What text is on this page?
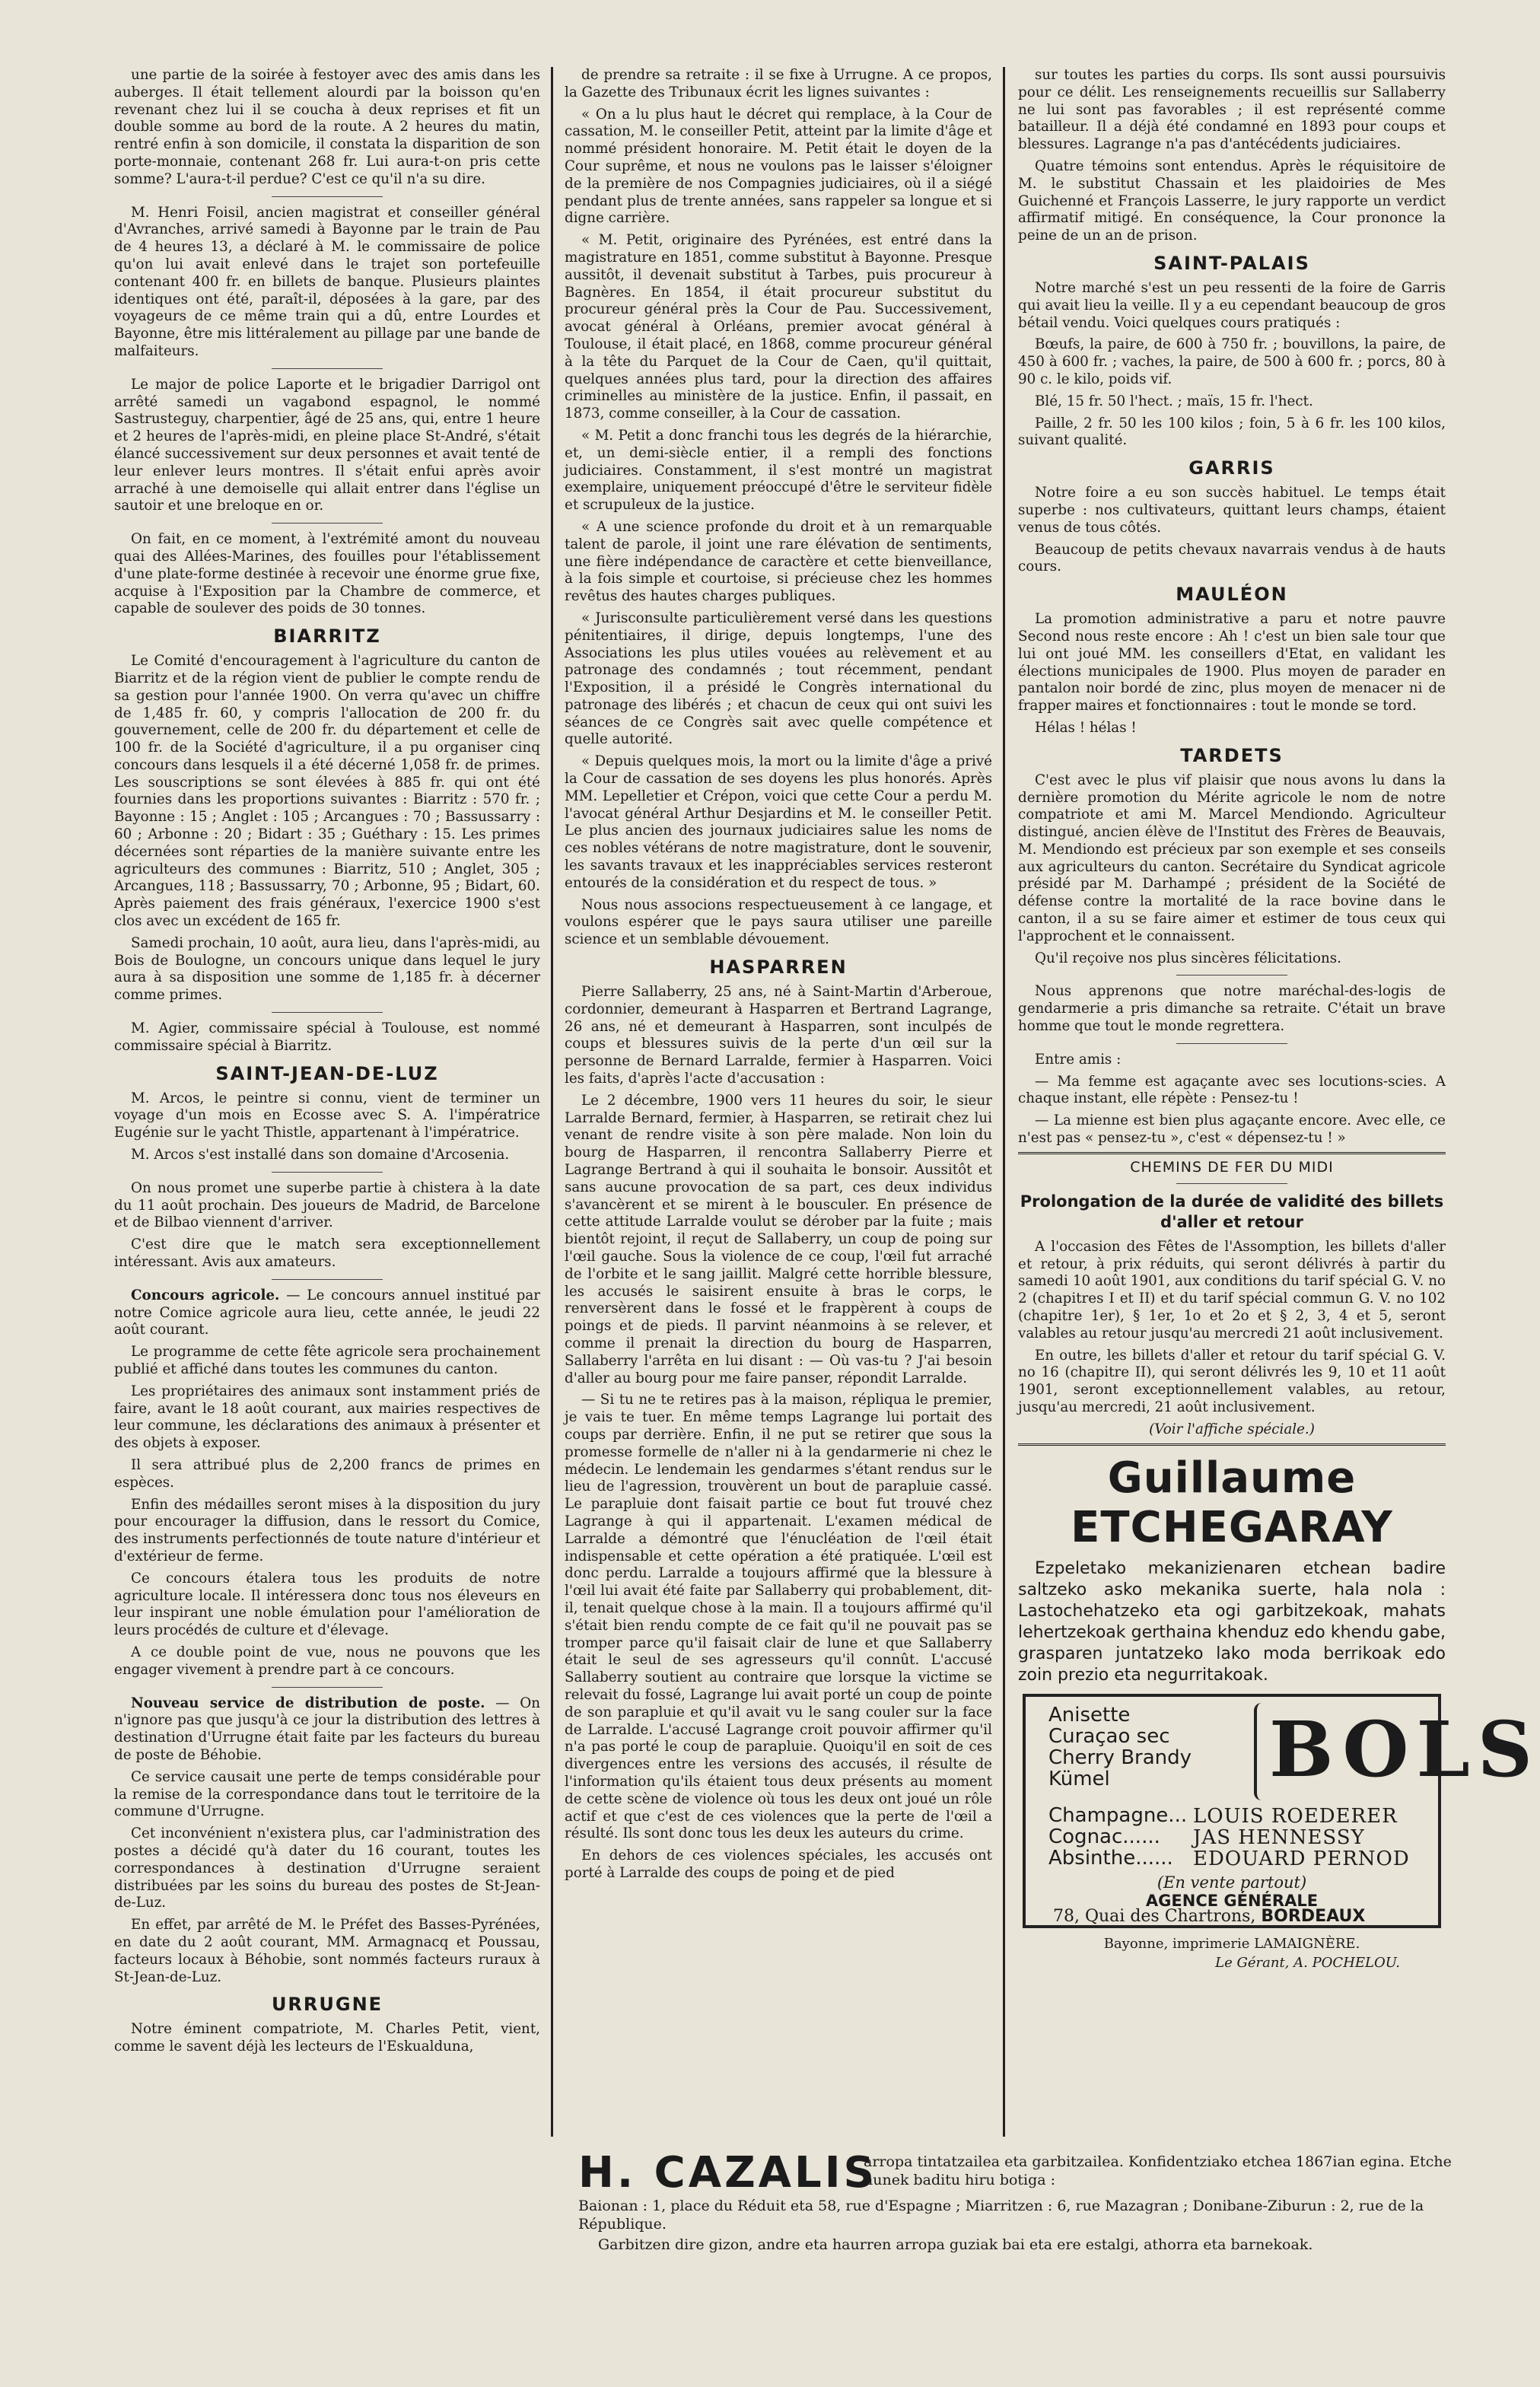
une partie de la soirée à festoyer avec des amis dans les auberges. Il était tellement alourdi par la boisson qu'en revenant chez lui il se coucha à deux reprises et fit un double somme au bord de la route. A 2 heures du matin, rentré enfin à son domicile, il constata la disparition de son porte-monnaie, contenant 268 fr. Lui aura-t-on pris cette somme? L'aura-t-il perdue? C'est ce qu'il n'a su dire.

M. Henri Foisil, ancien magistrat et conseiller général d'Avranches, arrivé samedi à Bayonne par le train de Pau de 4 heures 13, a déclaré à M. le commissaire de police qu'on lui avait enlevé dans le trajet son portefeuille contenant 400 fr. en billets de banque. Plusieurs plaintes identiques ont été, paraît-il, déposées à la gare, par des voyageurs de ce même train qui a dû, entre Lourdes et Bayonne, être mis littéralement au pillage par une bande de malfaiteurs.

Le major de police Laporte et le brigadier Darrigol ont arrêté samedi un vagabond espagnol, le nommé Sastrusteguy, charpentier, âgé de 25 ans, qui, entre 1 heure et 2 heures de l'après-midi, en pleine place St-André, s'était élancé successivement sur deux personnes et avait tenté de leur enlever leurs montres. Il s'était enfui après avoir arraché à une demoiselle qui allait entrer dans l'église un sautoir et une breloque en or.

On fait, en ce moment, à l'extrémité amont du nouveau quai des Allées-Marines, des fouilles pour l'établissement d'une plate-forme destinée à recevoir une énorme grue fixe, acquise à l'Exposition par la Chambre de commerce, et capable de soulever des poids de 30 tonnes.

BIARRITZ

Le Comité d'encouragement à l'agriculture du canton de Biarritz et de la région vient de publier le compte rendu de sa gestion pour l'année 1900. On verra qu'avec un chiffre de 1,485 fr. 60, y compris l'allocation de 200 fr. du gouvernement, celle de 200 fr. du département et celle de 100 fr. de la Société d'agriculture, il a pu organiser cinq concours dans lesquels il a été décerné 1,058 fr. de primes. Les souscriptions se sont élevées à 885 fr. qui ont été fournies dans les proportions suivantes : Biarritz : 570 fr. ; Bayonne : 15 ; Anglet : 105 ; Arcangues : 70 ; Bassussarry : 60 ; Arbonne : 20 ; Bidart : 35 ; Guéthary : 15. Les primes décernées sont réparties de la manière suivante entre les agriculteurs des communes : Biarritz, 510 ; Anglet, 305 ; Arcangues, 118 ; Bassussarry, 70 ; Arbonne, 95 ; Bidart, 60. Après paiement des frais généraux, l'exercice 1900 s'est clos avec un excédent de 165 fr.

Samedi prochain, 10 août, aura lieu, dans l'après-midi, au Bois de Boulogne, un concours unique dans lequel le jury aura à sa disposition une somme de 1,185 fr. à décerner comme primes.

M. Agier, commissaire spécial à Toulouse, est nommé commissaire spécial à Biarritz.

SAINT-JEAN-DE-LUZ

M. Arcos, le peintre si connu, vient de terminer un voyage d'un mois en Ecosse avec S. A. l'impératrice Eugénie sur le yacht Thistle, appartenant à l'impératrice.

M. Arcos s'est installé dans son domaine d'Arcosenia.

On nous promet une superbe partie à chistera à la date du 11 août prochain. Des joueurs de Madrid, de Barcelone et de Bilbao viennent d'arriver.

C'est dire que le match sera exceptionnellement intéressant. Avis aux amateurs.

Concours agricole. — Le concours annuel institué par notre Comice agricole aura lieu, cette année, le jeudi 22 août courant.

Le programme de cette fête agricole sera prochainement publié et affiché dans toutes les communes du canton.

Les propriétaires des animaux sont instamment priés de faire, avant le 18 août courant, aux mairies respectives de leur commune, les déclarations des animaux à présenter et des objets à exposer.

Il sera attribué plus de 2,200 francs de primes en espèces.

Enfin des médailles seront mises à la disposition du jury pour encourager la diffusion, dans le ressort du Comice, des instruments perfectionnés de toute nature d'intérieur et d'extérieur de ferme.

Ce concours étalera tous les produits de notre agriculture locale. Il intéressera donc tous nos éleveurs en leur inspirant une noble émulation pour l'amélioration de leurs procédés de culture et d'élevage.

A ce double point de vue, nous ne pouvons que les engager vivement à prendre part à ce concours.

Nouveau service de distribution de poste. — On n'ignore pas que jusqu'à ce jour la distribution des lettres à destination d'Urrugne était faite par les facteurs du bureau de poste de Béhobie.

Ce service causait une perte de temps considérable pour la remise de la correspondance dans tout le territoire de la commune d'Urrugne.

Cet inconvénient n'existera plus, car l'administration des postes a décidé qu'à dater du 16 courant, toutes les correspondances à destination d'Urrugne seraient distribuées par les soins du bureau des postes de St-Jean-de-Luz.

En effet, par arrêté de M. le Préfet des Basses-Pyrénées, en date du 2 août courant, MM. Armagnacq et Poussau, facteurs locaux à Béhobie, sont nommés facteurs ruraux à St-Jean-de-Luz.

URRUGNE

Notre éminent compatriote, M. Charles Petit, vient, comme le savent déjà les lecteurs de l'Eskualduna,

de prendre sa retraite : il se fixe à Urrugne. A ce propos, la Gazette des Tribunaux écrit les lignes suivantes :

« On a lu plus haut le décret qui remplace, à la Cour de cassation, M. le conseiller Petit, atteint par la limite d'âge et nommé président honoraire. M. Petit était le doyen de la Cour suprême, et nous ne voulons pas le laisser s'éloigner de la première de nos Compagnies judiciaires, où il a siégé pendant plus de trente années, sans rappeler sa longue et si digne carrière.

« M. Petit, originaire des Pyrénées, est entré dans la magistrature en 1851, comme substitut à Bayonne. Presque aussitôt, il devenait substitut à Tarbes, puis procureur à Bagnères. En 1854, il était procureur substitut du procureur général près la Cour de Pau. Successivement, avocat général à Orléans, premier avocat général à Toulouse, il était placé, en 1868, comme procureur général à la tête du Parquet de la Cour de Caen, qu'il quittait, quelques années plus tard, pour la direction des affaires criminelles au ministère de la justice. Enfin, il passait, en 1873, comme conseiller, à la Cour de cassation.

« M. Petit a donc franchi tous les degrés de la hiérarchie, et, un demi-siècle entier, il a rempli des fonctions judiciaires. Constamment, il s'est montré un magistrat exemplaire, uniquement préoccupé d'être le serviteur fidèle et scrupuleux de la justice.

« A une science profonde du droit et à un remarquable talent de parole, il joint une rare élévation de sentiments, une fière indépendance de caractère et cette bienveillance, à la fois simple et courtoise, si précieuse chez les hommes revêtus des hautes charges publiques.

« Jurisconsulte particulièrement versé dans les questions pénitentiaires, il dirige, depuis longtemps, l'une des Associations les plus utiles vouées au relèvement et au patronage des condamnés ; tout récemment, pendant l'Exposition, il a présidé le Congrès international du patronage des libérés ; et chacun de ceux qui ont suivi les séances de ce Congrès sait avec quelle compétence et quelle autorité.

« Depuis quelques mois, la mort ou la limite d'âge a privé la Cour de cassation de ses doyens les plus honorés. Après MM. Lepelletier et Crépon, voici que cette Cour a perdu M. l'avocat général Arthur Desjardins et M. le conseiller Petit. Le plus ancien des journaux judiciaires salue les noms de ces nobles vétérans de notre magistrature, dont le souvenir, les savants travaux et les inappréciables services resteront entourés de la considération et du respect de tous. »

Nous nous associons respectueusement à ce langage, et voulons espérer que le pays saura utiliser une pareille science et un semblable dévouement.

HASPARREN

Pierre Sallaberry, 25 ans, né à Saint-Martin d'Arberoue, cordonnier, demeurant à Hasparren et Bertrand Lagrange, 26 ans, né et demeurant à Hasparren, sont inculpés de coups et blessures suivis de la perte d'un œil sur la personne de Bernard Larralde, fermier à Hasparren. Voici les faits, d'après l'acte d'accusation :

Le 2 décembre, 1900 vers 11 heures du soir, le sieur Larralde Bernard, fermier, à Hasparren, se retirait chez lui venant de rendre visite à son père malade. Non loin du bourg de Hasparren, il rencontra Sallaberry Pierre et Lagrange Bertrand à qui il souhaita le bonsoir. Aussitôt et sans aucune provocation de sa part, ces deux individus s'avancèrent et se mirent à le bousculer. En présence de cette attitude Larralde voulut se dérober par la fuite ; mais bientôt rejoint, il reçut de Sallaberry, un coup de poing sur l'œil gauche. Sous la violence de ce coup, l'œil fut arraché de l'orbite et le sang jaillit. Malgré cette horrible blessure, les accusés le saisirent ensuite à bras le corps, le renversèrent dans le fossé et le frappèrent à coups de poings et de pieds. Il parvint néanmoins à se relever, et comme il prenait la direction du bourg de Hasparren, Sallaberry l'arrêta en lui disant : — Où vas-tu ? J'ai besoin d'aller au bourg pour me faire panser, répondit Larralde.

— Si tu ne te retires pas à la maison, répliqua le premier, je vais te tuer. En même temps Lagrange lui portait des coups par derrière. Enfin, il ne put se retirer que sous la promesse formelle de n'aller ni à la gendarmerie ni chez le médecin. Le lendemain les gendarmes s'étant rendus sur le lieu de l'agression, trouvèrent un bout de parapluie cassé. Le parapluie dont faisait partie ce bout fut trouvé chez Lagrange à qui il appartenait. L'examen médical de Larralde a démontré que l'énucléation de l'œil était indispensable et cette opération a été pratiquée. L'œil est donc perdu. Larralde a toujours affirmé que la blessure à l'œil lui avait été faite par Sallaberry qui probablement, dit-il, tenait quelque chose à la main. Il a toujours affirmé qu'il s'était bien rendu compte de ce fait qu'il ne pouvait pas se tromper parce qu'il faisait clair de lune et que Sallaberry était le seul de ses agresseurs qu'il connût. L'accusé Sallaberry soutient au contraire que lorsque la victime se relevait du fossé, Lagrange lui avait porté un coup de pointe de son parapluie et qu'il avait vu le sang couler sur la face de Larralde. L'accusé Lagrange croit pouvoir affirmer qu'il n'a pas porté le coup de parapluie. Quoiqu'il en soit de ces divergences entre les versions des accusés, il résulte de l'information qu'ils étaient tous deux présents au moment de cette scène de violence où tous les deux ont joué un rôle actif et que c'est de ces violences que la perte de l'œil a résulté. Ils sont donc tous les deux les auteurs du crime.

En dehors de ces violences spéciales, les accusés ont porté à Larralde des coups de poing et de pied

sur toutes les parties du corps. Ils sont aussi poursuivis pour ce délit. Les renseignements recueillis sur Sallaberry ne lui sont pas favorables ; il est représenté comme batailleur. Il a déjà été condamné en 1893 pour coups et blessures. Lagrange n'a pas d'antécédents judiciaires.

Quatre témoins sont entendus. Après le réquisitoire de M. le substitut Chassain et les plaidoiries de Mes Guichenné et François Lasserre, le jury rapporte un verdict affirmatif mitigé. En conséquence, la Cour prononce la peine de un an de prison.

SAINT-PALAIS

Notre marché s'est un peu ressenti de la foire de Garris qui avait lieu la veille. Il y a eu cependant beaucoup de gros bétail vendu. Voici quelques cours pratiqués :

Bœufs, la paire, de 600 à 750 fr. ; bouvillons, la paire, de 450 à 600 fr. ; vaches, la paire, de 500 à 600 fr. ; porcs, 80 à 90 c. le kilo, poids vif.

Blé, 15 fr. 50 l'hect. ; maïs, 15 fr. l'hect.

Paille, 2 fr. 50 les 100 kilos ; foin, 5 à 6 fr. les 100 kilos, suivant qualité.

GARRIS

Notre foire a eu son succès habituel. Le temps était superbe : nos cultivateurs, quittant leurs champs, étaient venus de tous côtés.

Beaucoup de petits chevaux navarrais vendus à de hauts cours.

MAULÉON

La promotion administrative a paru et notre pauvre Second nous reste encore : Ah ! c'est un bien sale tour que lui ont joué MM. les conseillers d'Etat, en validant les élections municipales de 1900. Plus moyen de parader en pantalon noir bordé de zinc, plus moyen de menacer ni de frapper maires et fonctionnaires : tout le monde se tord.

Hélas ! hélas !

TARDETS

C'est avec le plus vif plaisir que nous avons lu dans la dernière promotion du Mérite agricole le nom de notre compatriote et ami M. Marcel Mendiondo. Agriculteur distingué, ancien élève de l'Institut des Frères de Beauvais, M. Mendiondo est précieux par son exemple et ses conseils aux agriculteurs du canton. Secrétaire du Syndicat agricole présidé par M. Darhampé ; président de la Société de défense contre la mortalité de la race bovine dans le canton, il a su se faire aimer et estimer de tous ceux qui l'approchent et le connaissent.

Qu'il reçoive nos plus sincères félicitations.

Nous apprenons que notre maréchal-des-logis de gendarmerie a pris dimanche sa retraite. C'était un brave homme que tout le monde regrettera.

Entre amis :

— Ma femme est agaçante avec ses locutions-scies. A chaque instant, elle répète : Pensez-tu !

— La mienne est bien plus agaçante encore. Avec elle, ce n'est pas « pensez-tu », c'est « dépensez-tu ! »

CHEMINS DE FER DU MIDI
Prolongation de la durée de validité des billets d'aller et retour

A l'occasion des Fêtes de l'Assomption, les billets d'aller et retour, à prix réduits, qui seront délivrés à partir du samedi 10 août 1901, aux conditions du tarif spécial G. V. no 2 (chapitres I et II) et du tarif spécial commun G. V. no 102 (chapitre 1er), § 1er, 1o et 2o et § 2, 3, 4 et 5, seront valables au retour jusqu'au mercredi 21 août inclusivement.

En outre, les billets d'aller et retour du tarif spécial G. V. no 16 (chapitre II), qui seront délivrés les 9, 10 et 11 août 1901, seront exceptionnellement valables, au retour, jusqu'au mercredi, 21 août inclusivement.

(Voir l'affiche spéciale.)

Guillaume ETCHEGARAY

Ezpeletako mekanizienaren etchean badire saltzeko asko mekanika suerte, hala nola : Lastochehatzeko eta ogi garbitzekoak, mahats lehertzekoak gerthaina khenduz edo khendu gabe, grasparen juntatzeko lako moda berrikoak edo zoin prezio eta negurritakoak.

Anisette
Curaçao sec
Cherry Brandy
Kümel BOLS
Champagne...
Cognac......
Absinthe......
LOUIS ROEDERER
JAS HENNESSY
EDOUARD PERNOD
(En vente partout)
AGENCE GÉNÉRALE
78, Quai des Chartrons, BORDEAUX
Bayonne, imprimerie LAMAIGNÈRE.
Le Gérant, A. POCHELOU.
H. CAZALIS
arropa tintatzailea eta garbitzailea. Konfidentziako etchea 1867ian egina. Etche hunek baditu hiru botiga :
Baionan : 1, place du Réduit eta 58, rue d'Espagne ; Miarritzen : 6, rue Mazagran ; Donibane-Ziburun : 2, rue de la République.
Garbitzen dire gizon, andre eta haurren arropa guziak bai eta ere estalgi, athorra eta barnekoak.
